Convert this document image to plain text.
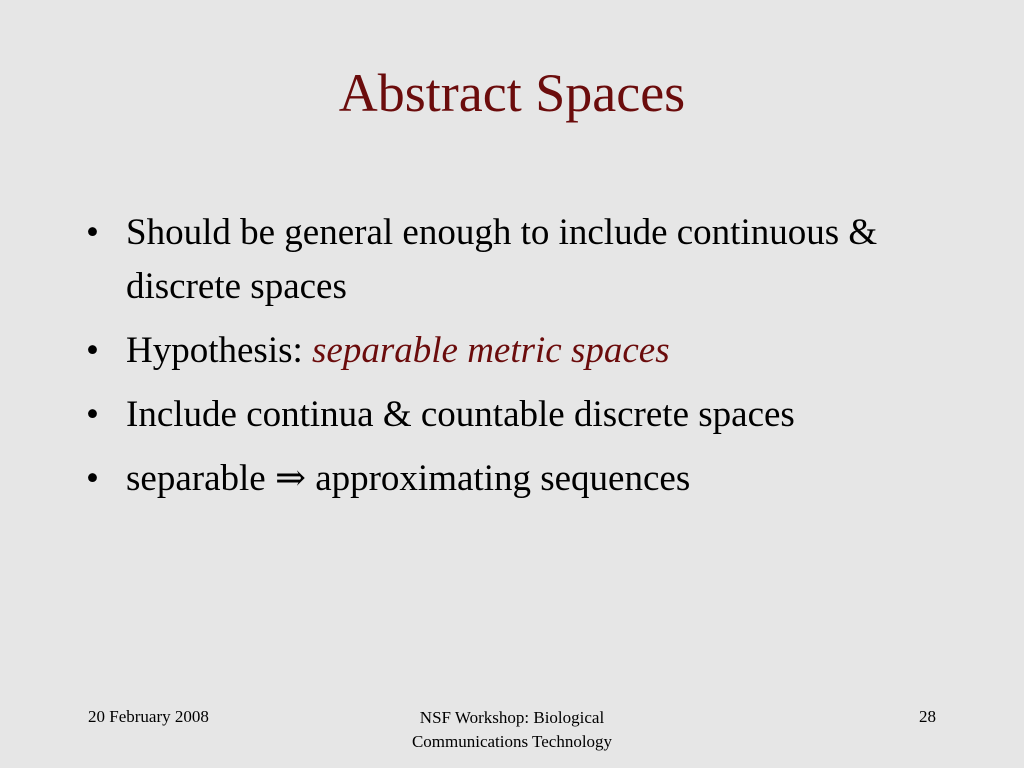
Abstract Spaces
• Should be general enough to include continuous & discrete spaces
• Hypothesis: separable metric spaces
• Include continua & countable discrete spaces
• separable ⇒ approximating sequences
20 February 2008	NSF Workshop: Biological
Communications Technology
28
